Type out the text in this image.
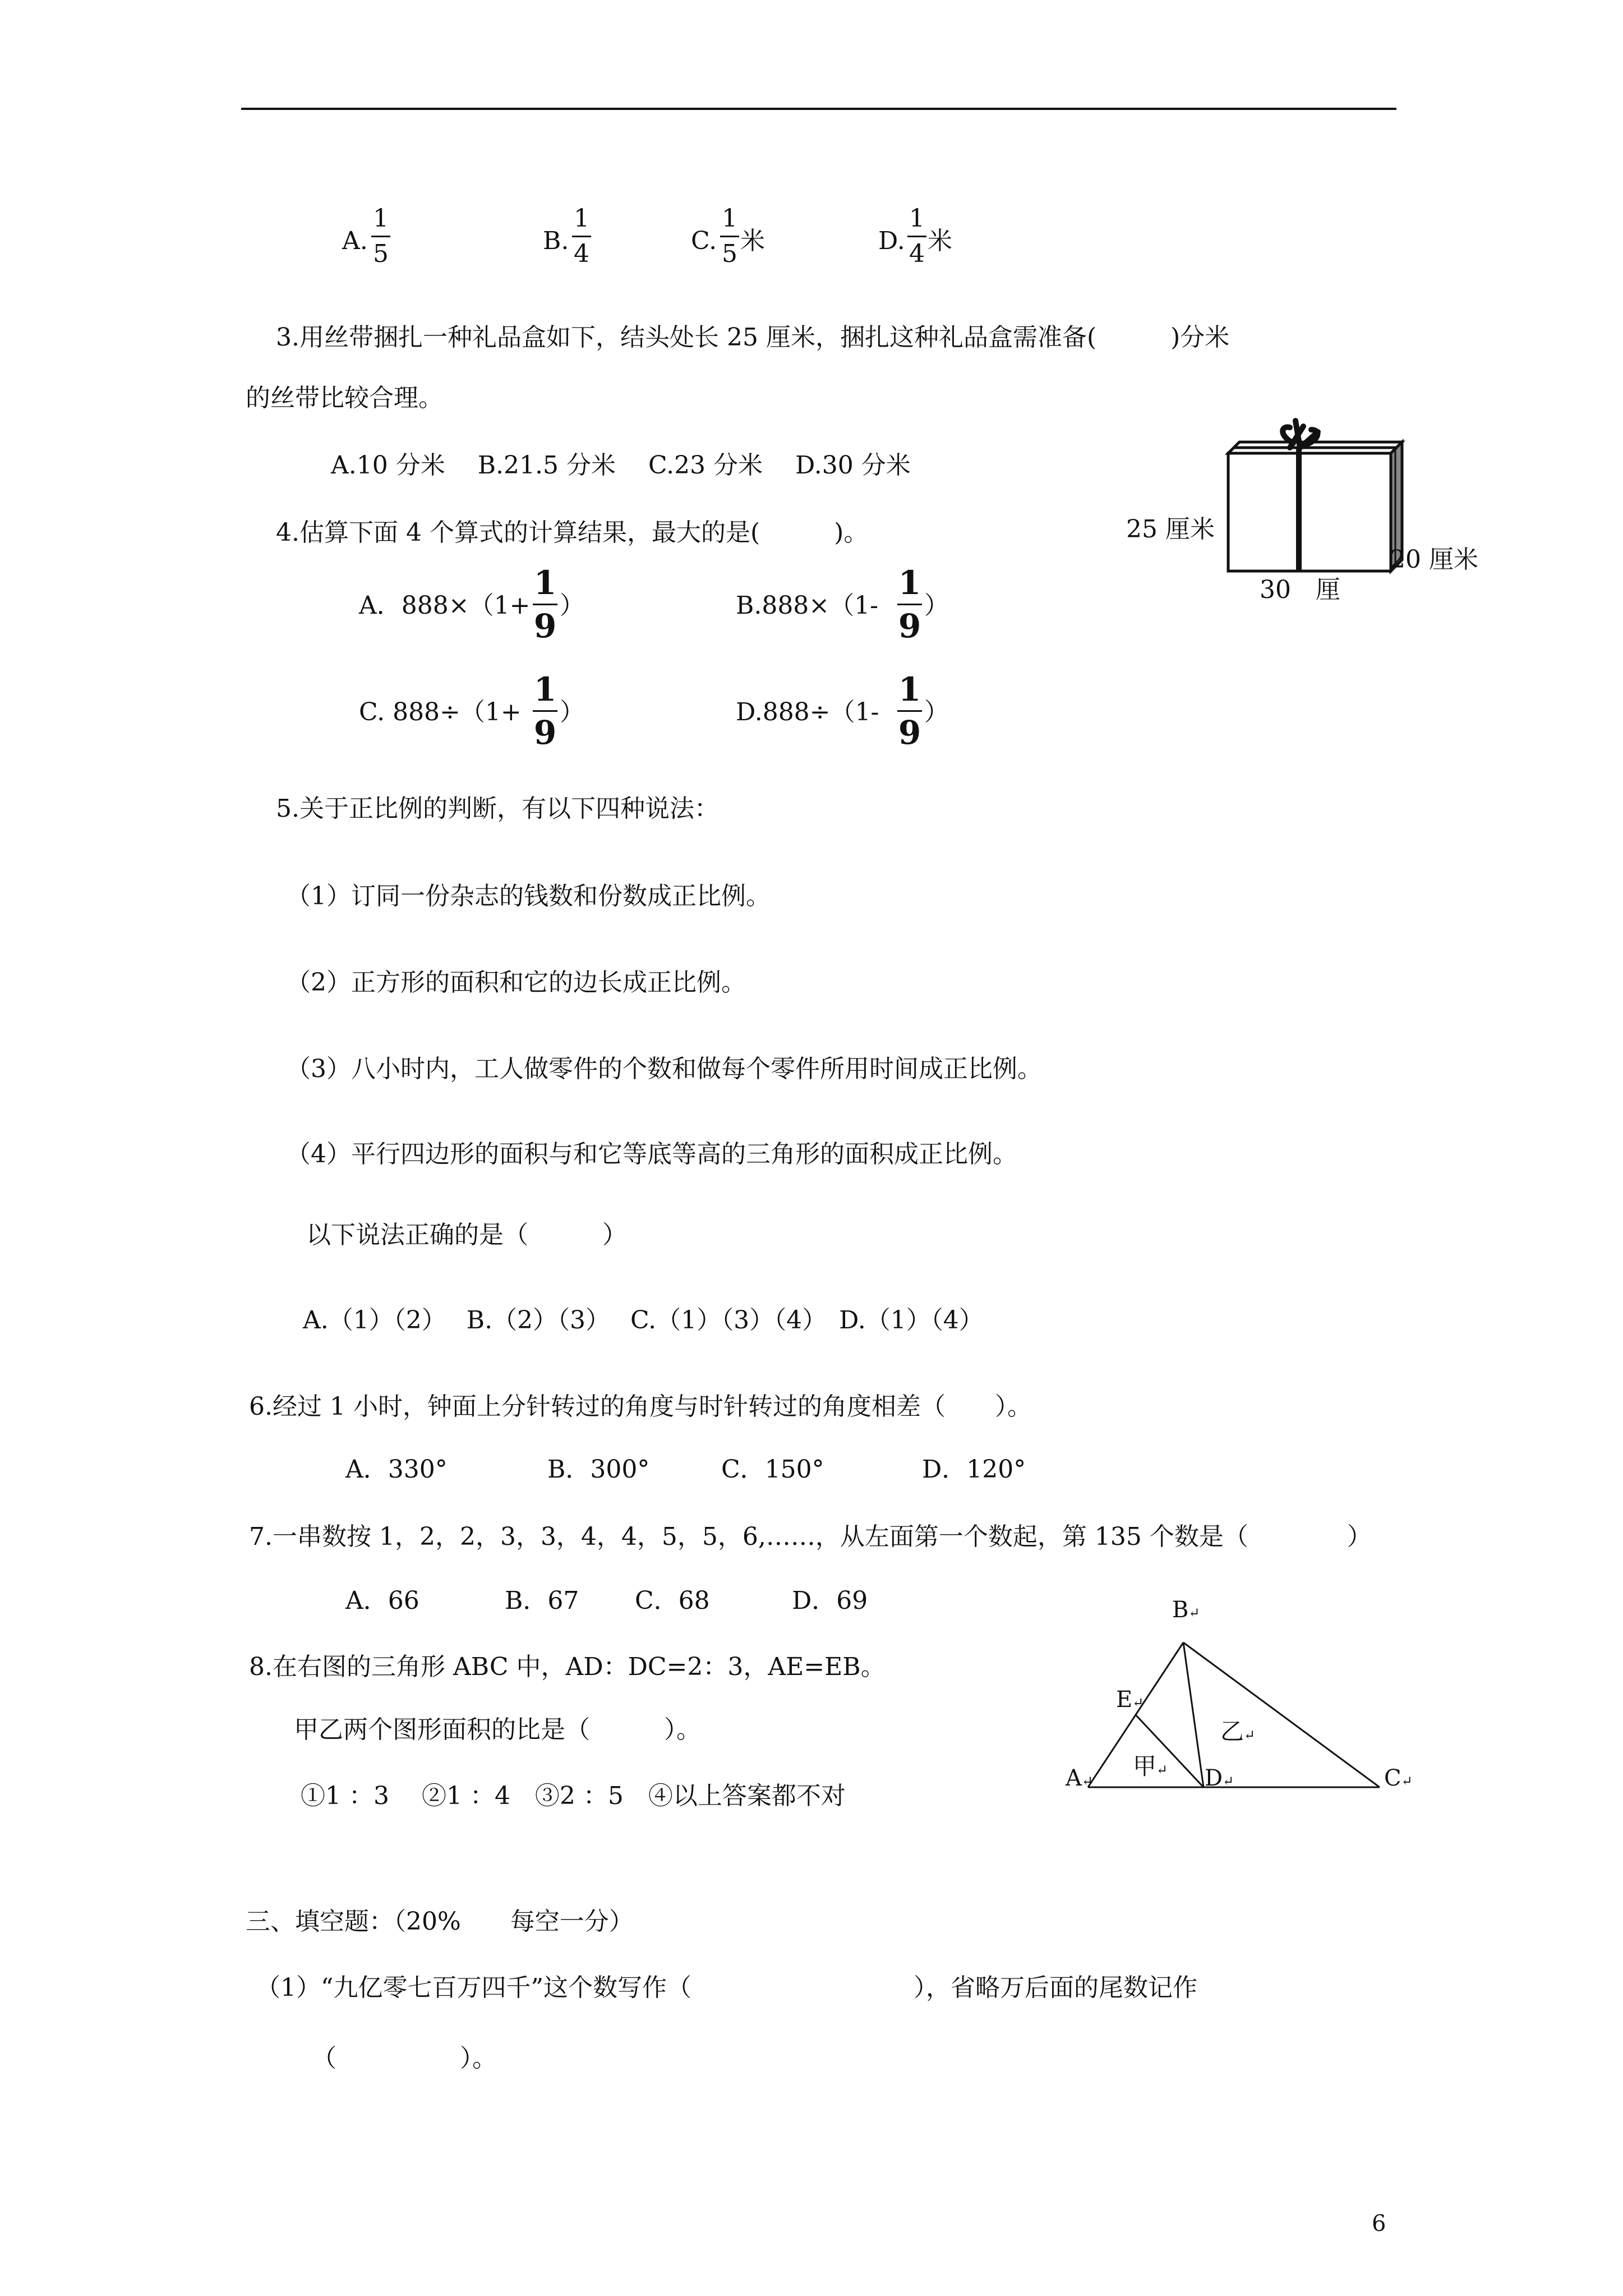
A.
1
5	B.
1
4	C.
1
5 米	D.
1
4 米
3.用丝带捆扎一种礼品盒如下，结头处长 25 厘米，捆扎这种礼品盒需准备(　　　)分米
的丝带比较合理。
A.10 分米　 B.21.5 分米　 C.23 分米　 D.30 分米
25 厘米
20 厘米
30　厘
4.估算下面 4 个算式的计算结果，最大的是(　　　)。
A．888×（1+
1
9
）	B.888×（1-
1
9
）
C. 888÷（1+
1
9
）	D.888÷（1-
1
9
）
5.关于正比例的判断，有以下四种说法：
（1）订同一份杂志的钱数和份数成正比例。
（2）正方形的面积和它的边长成正比例。
（3）八小时内，工人做零件的个数和做每个零件所用时间成正比例。
（4）平行四边形的面积与和它等底等高的三角形的面积成正比例。
以下说法正确的是（　　　）
A.（1）（2）　 B.（2）（3）　 C.（1）（3）（4）　D.（1）（4）
6.经过 1 小时，钟面上分针转过的角度与时针转过的角度相差（　　）。
A．330°	B．300°	C．150°	D．120°
7.一串数按 1，2，2，3，3，4，4，5，5，6,……，从左面第一个数起，第 135 个数是（　　　　）
A．66	B．67 C．68	D．69
8.在右图的三角形 ABC 中，AD：DC=2：3，AE=EB。
甲乙两个图形面积的比是（　　　）。
①1 ：3　 ②1 ：4　③2 ：5　④以上答案都不对
B↵
E↵
A↵	D↵	C↵
甲↵
乙↵
三、填空题：（20%　　每空一分）
（1）“九亿零七百万四千”这个数写作（　　　　　　　　　），省略万后面的尾数记作
（　　　　　）。
6
